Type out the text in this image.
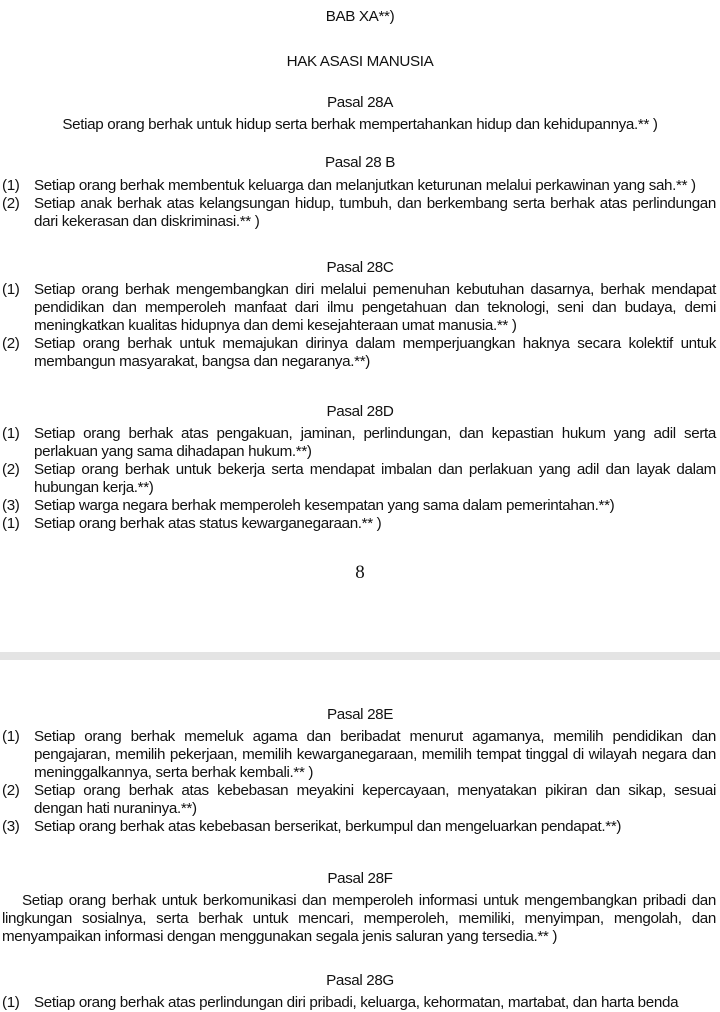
BAB XA**)
HAK ASASI MANUSIA
Pasal 28A
Setiap orang berhak untuk hidup serta berhak mempertahankan hidup dan kehidupannya.** )
Pasal 28 B
(1) Setiap orang berhak membentuk keluarga dan melanjutkan keturunan melalui perkawinan yang sah.** )
(2) Setiap anak berhak atas kelangsungan hidup, tumbuh, dan berkembang serta berhak atas perlindungan dari kekerasan dan diskriminasi.** )
Pasal 28C
(1) Setiap orang berhak mengembangkan diri melalui pemenuhan kebutuhan dasarnya, berhak mendapat pendidikan dan memperoleh manfaat dari ilmu pengetahuan dan teknologi, seni dan budaya, demi meningkatkan kualitas hidupnya dan demi kesejahteraan umat manusia.** )
(2) Setiap orang berhak untuk memajukan dirinya dalam memperjuangkan haknya secara kolektif untuk membangun masyarakat, bangsa dan negaranya.**)
Pasal 28D
(1) Setiap orang berhak atas pengakuan, jaminan, perlindungan, dan kepastian hukum yang adil serta perlakuan yang sama dihadapan hukum.**)
(2) Setiap orang berhak untuk bekerja serta mendapat imbalan dan perlakuan yang adil dan layak dalam hubungan kerja.**)
(3) Setiap warga negara berhak memperoleh kesempatan yang sama dalam pemerintahan.**)
(1) Setiap orang berhak atas status kewarganegaraan.** )
8
Pasal 28E
(1) Setiap orang berhak memeluk agama dan beribadat menurut agamanya, memilih pendidikan dan pengajaran, memilih pekerjaan, memilih kewarganegaraan, memilih tempat tinggal di wilayah negara dan meninggalkannya, serta berhak kembali.** )
(2) Setiap orang berhak atas kebebasan meyakini kepercayaan, menyatakan pikiran dan sikap, sesuai dengan hati nuraninya.**)
(3) Setiap orang berhak atas kebebasan berserikat, berkumpul dan mengeluarkan pendapat.**)
Pasal 28F
Setiap orang berhak untuk berkomunikasi dan memperoleh informasi untuk mengembangkan pribadi dan lingkungan sosialnya, serta berhak untuk mencari, memperoleh, memiliki, menyimpan, mengolah, dan menyampaikan informasi dengan menggunakan segala jenis saluran yang tersedia.** )
Pasal 28G
(1) Setiap orang berhak atas perlindungan diri pribadi, keluarga, kehormatan, martabat, dan harta benda
